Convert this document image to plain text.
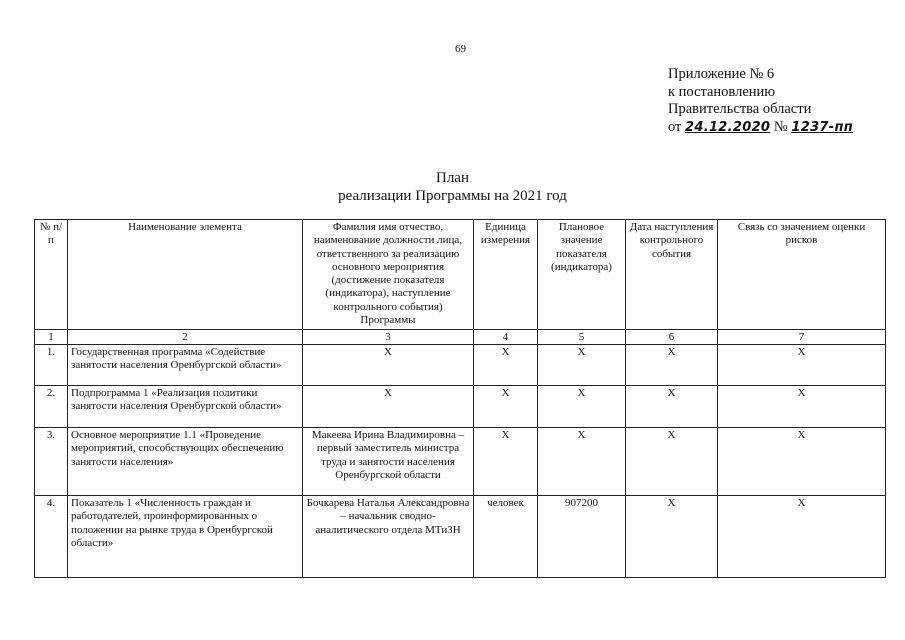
69
Приложение № 6
к постановлению
Правительства области
от 24.12.2020 № 1237-пп
План
реализации Программы на 2021 год
№ п/п	Наименование элемента	Фамилия имя отчество, наименование должности лица, ответственного за реализацию основного мероприятия (достижение показателя (индикатора), наступление контрольного события) Программы	Единица измерения	Плановое значение показателя (индикатора)	Дата наступления контрольного события	Связь со значением оценки рисков
1	2	3	4	5	6	7
1.	Государственная программа «Содействие занятости населения Оренбургской области»	Х	Х	Х	Х	Х
2.	Подпрограмма 1 «Реализация политики занятости населения Оренбургской области»	Х	Х	Х	Х	Х
3.	Основное мероприятие 1.1 «Проведение мероприятий, способствующих обеспечению занятости населения»	Макеева Ирина Владимировна – первый заместитель министра труда и занятости населения Оренбургской области	Х	Х	Х	Х
4.	Показатель 1 «Численность граждан и работодателей, проинформированных о положении на рынке труда в Оренбургской области»	Бочкарева Наталья Александровна – начальник сводно-аналитического отдела МТиЗН	человек	907200	Х	Х
